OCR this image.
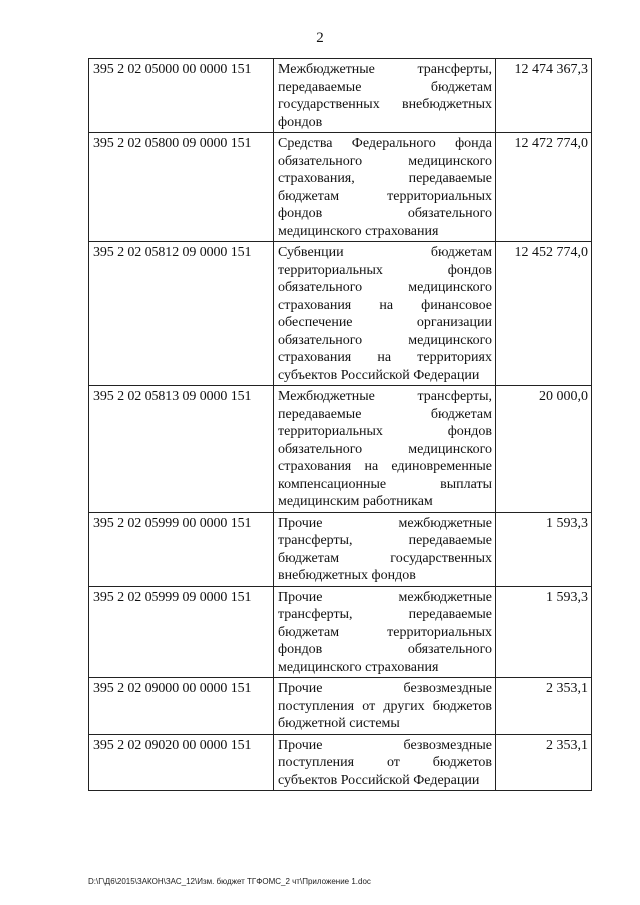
2
395 2 02 05000 00 0000 151	Межбюджетные трансферты, передаваемые бюджетам государственных внебюджетных фондов	12 474 367,3
395 2 02 05800 09 0000 151	Средства Федерального фонда обязательного медицинского страхования, передаваемые бюджетам территориальных фондов обязательного медицинского страхования	12 472 774,0
395 2 02 05812 09 0000 151	Субвенции бюджетам территориальных фондов обязательного медицинского страхования на финансовое обеспечение организации обязательного медицинского страхования на территориях субъектов Российской Федерации	12 452 774,0
395 2 02 05813 09 0000 151	Межбюджетные трансферты, передаваемые бюджетам территориальных фондов обязательного медицинского страхования на единовременные компенсационные выплаты медицинским работникам	20 000,0
395 2 02 05999 00 0000 151	Прочие межбюджетные трансферты, передаваемые бюджетам государственных внебюджетных фондов	1 593,3
395 2 02 05999 09 0000 151	Прочие межбюджетные трансферты, передаваемые бюджетам территориальных фондов обязательного медицинского страхования	1 593,3
395 2 02 09000 00 0000 151	Прочие безвозмездные поступления от других бюджетов бюджетной системы	2 353,1
395 2 02 09020 00 0000 151	Прочие безвозмездные поступления от бюджетов субъектов Российской Федерации	2 353,1
D:\Г\Д6\2015\ЗАКОН\ЗАС_12\Изм. бюджет ТГФОМС_2 чт\Приложение 1.doc
